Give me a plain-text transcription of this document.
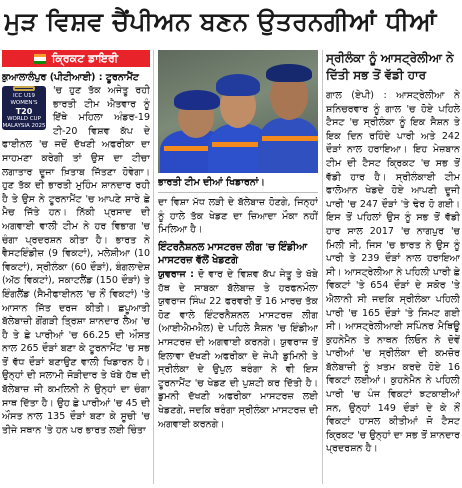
ਮੁੜ ਵਿਸ਼ਵ ਚੈਂਪੀਅਨ ਬਣਨ ਉਤਰਨਗੀਆਂ ਧੀਆਂ
ਕ੍ਰਿਕਟ ਡਾਇਰੀ
ਕੁਆਲਾਲੰਪੁਰ (ਪੀਟੀਆਈ) : ਟੂਰਨਾਮੈਂਟ
ICC U19 WOMEN'S
T20
WORLD CUP
MALAYSIA 2025
'ਚ ਹੁਣ ਤੱਕ ਅਜੇਤੂ ਰਹੀ ਭਾਰਤੀ ਟੀਮ ਐਤਵਾਰ ਨੂੰ ਇੱਥੇ ਮਹਿਲਾ ਅੰਡਰ-19 ਟੀ-20 ਵਿਸ਼ਵ ਕੱਪ ਦੇ ਫਾਈਨਲ 'ਚ ਜਦੋਂ ਦੱਖਣੀ ਅਫਰੀਕਾ ਦਾ ਸਾਹਮਣਾ ਕਰੇਗੀ ਤਾਂ ਉਸ ਦਾ ਟੀਚਾ ਲਗਾਤਾਰ ਦੂਜਾ ਖ਼ਿਤਾਬ ਜਿੱਤਣਾ ਹੋਵੇਗਾ। ਹੁਣ ਤੱਕ ਦੀ ਭਾਰਤੀ ਮੁਹਿੰਮ ਸ਼ਾਨਦਾਰ ਰਹੀ ਹੈ ਤੇ ਉਸ ਨੇ ਟੂਰਨਾਮੈਂਟ 'ਚ ਆਪਣੇ ਸਾਰੇ ਛੇ ਮੈਚ ਜਿੱਤੇ ਹਨ। ਨਿੱਕੀ ਪ੍ਰਸਾਦ ਦੀ ਅਗਵਾਈ ਵਾਲੀ ਟੀਮ ਨੇ ਹਰ ਵਿਭਾਗ 'ਚ ਚੰਗਾ ਪ੍ਰਦਰਸ਼ਨ ਕੀਤਾ ਹੈ। ਭਾਰਤ ਨੇ ਵੈਸਟਇੰਡੀਜ਼ (9 ਵਿਕਟਾਂ), ਮਲੇਸ਼ੀਆ (10 ਵਿਕਟਾਂ), ਸ੍ਰੀਲੰਕਾ (60 ਦੌੜਾਂ), ਬੰਗਲਾਦੇਸ਼ (ਅੱਠ ਵਿਕਟਾਂ), ਸਕਾਟਲੈਂਡ (150 ਦੌੜਾਂ) ਤੇ ਇੰਗਲੈਂਡ (ਸੈਮੀਫਾਈਨਲ 'ਚ ਨੌਂ ਵਿਕਟਾਂ) 'ਤੇ ਆਸਾਨ ਜਿੱਤ ਦਰਜ ਕੀਤੀ। ਛਪੂਆਤੀ ਬੱਲੇਬਾਜ਼ੀ ਗੋਂਗੜੀ ਤ੍ਰਿਸ਼ਾ ਸ਼ਾਨਦਾਰ ਲੈਅ 'ਚ ਹੈ ਤੇ ਛੇ ਪਾਰੀਆਂ 'ਚ 66.25 ਦੀ ਔਸਤ ਨਾਲ 265 ਦੌੜਾਂ ਬਣਾ ਕੇ ਟੂਰਨਾਮੈਂਟ 'ਚ ਸਭ ਤੋਂ ਵੱਧ ਦੌੜਾਂ ਬਣਾਉਣ ਵਾਲੀ ਖਿਡਾਰਨ ਹੈ। ਉਨ੍ਹਾਂ ਦੀ ਸਲਾਮੀ ਜੋੜੀਦਾਰ ਤੇ ਖੱਬੇ ਹੱਥ ਦੀ ਬੱਲੇਬਾਜ਼ ਜੀ ਕਮਲਿਨੀ ਨੇ ਉਨ੍ਹਾਂ ਦਾ ਚੰਗਾ ਸਾਥ ਦਿੱਤਾ ਹੈ। ਉਹ ਛੇ ਪਾਰੀਆਂ 'ਚ 45 ਦੀ ਔਸਤ ਨਾਲ 135 ਦੌੜਾਂ ਬਣਾ ਕੇ ਸੂਚੀ 'ਚ ਤੀਜੇ ਸਥਾਨ 'ਤੇ ਹਨ ਪਰ ਭਾਰਤ ਲਈ ਚਿੰਤਾ
ਭਾਰਤੀ ਟੀਮ ਦੀਆਂ ਖਿਡਾਰਨਾਂ।
ਦਾ ਵਿਸ਼ਾ ਮੱਧ ਲੜੀ ਦੇ ਬੱਲੇਬਾਜ਼ ਹੋਣਗੇ, ਜਿਨ੍ਹਾਂ ਨੂੰ ਹਾਲੇ ਤੱਕ ਖੇਡਣ ਦਾ ਜ਼ਿਆਦਾ ਮੌਕਾ ਨਹੀਂ ਮਿਲਿਆ ਹੈ।
ਇੰਟਰਨੈਸ਼ਨਲ ਮਾਸਟਰਜ਼ ਲੀਗ 'ਚ ਇੰਡੀਆ ਮਾਸਟਰਜ਼ ਵੱਲੋਂ ਖੇਡਣਗੇ
ਯੁਵਰਾਜ : ਦੋ ਵਾਰ ਦੇ ਵਿਸ਼ਵ ਕੱਪ ਜੇਤੂ ਤੇ ਖੱਬੇ ਹੱਥ ਦੇ ਸਾਬਕਾ ਬੱਲੇਬਾਜ਼ ਤੇ ਹਰਫਨਮੌਲਾ ਯੁਵਰਾਜ ਸਿੰਘ 22 ਫਰਵਰੀ ਤੋਂ 16 ਮਾਰਚ ਤੱਕ ਹੋਣ ਵਾਲੇ ਇੰਟਰਨੈਸ਼ਨਲ ਮਾਸਟਰਜ਼ ਲੀਗ (ਆਈਐਮਐਲ) ਦੇ ਪਹਿਲੇ ਸੈਸ਼ਨ 'ਚ ਇੰਡੀਆ ਮਾਸਟਰਜ਼ ਦੀ ਅਗਵਾਈ ਕਰਨਗੇ। ਯੁਵਰਾਜ ਤੋਂ ਇਲਾਵਾ ਦੱਖਣੀ ਅਫਰੀਕਾ ਦੇ ਜੇਪੀ ਡੁਮਿਨੀ ਤੇ ਸ੍ਰੀਲੰਕਾ ਦੇ ਉਪੁਲ ਥਰੰਗਾ ਨੇ ਵੀ ਇਸ ਟੂਰਨਾਮੈਂਟ 'ਚ ਖੇਡਣ ਦੀ ਪੁਸ਼ਟੀ ਕਰ ਦਿੱਤੀ ਹੈ। ਡੁਮਨੀ ਦੱਖਣੀ ਅਫਰੀਕਾ ਮਾਸਟਰਜ਼ ਲਈ ਖੇਡਣਗੇ, ਜਦਕਿ ਥਰੰਗਾ ਸ੍ਰੀਲੰਕਾ ਮਾਸਟਰਜ਼ ਦੀ ਅਗਵਾਈ ਕਰਨਗੇ।
ਸ੍ਰੀਲੰਕਾ ਨੂੰ ਆਸਟ੍ਰੇਲੀਆ ਨੇ ਦਿੱਤੀ ਸਭ ਤੋਂ ਵੱਡੀ ਹਾਰ
ਗਾਲ (ਏਪੀ) : ਆਸਟ੍ਰੇਲੀਆ ਨੇ ਸ਼ਨਿਚਰਵਾਰ ਨੂੰ ਗਾਲ 'ਚ ਹੋਏ ਪਹਿਲੇ ਟੈਸਟ 'ਚ ਸ੍ਰੀਲੰਕਾ ਨੂੰ ਇਕ ਸੈਸ਼ਨ ਤੇ ਇਕ ਦਿਨ ਰਹਿੰਦੇ ਪਾਰੀ ਅਤੇ 242 ਦੌੜਾਂ ਨਾਲ ਹਰਾਇਆ। ਇਹ ਮੇਜ਼ਬਾਨ ਟੀਮ ਦੀ ਟੈਸਟ ਕ੍ਰਿਕਟ 'ਚ ਸਭ ਤੋਂ ਵੱਡੀ ਹਾਰ ਹੈ। ਸ੍ਰੀਲੰਕਾਈ ਟੀਮ ਫਾਲੋਆਨ ਖੇਡਦੇ ਹੋਏ ਆਪਣੀ ਦੂਜੀ ਪਾਰੀ 'ਚ 247 ਦੌੜਾਂ 'ਤੇ ਢੇਰ ਹੋ ਗਈ। ਇਸ ਤੋਂ ਪਹਿਲਾਂ ਉਸ ਨੂੰ ਸਭ ਤੋਂ ਵੱਡੀ ਹਾਰ ਸਾਲ 2017 'ਚ ਨਾਗਪੁਰ 'ਚ ਮਿਲੀ ਸੀ, ਜਿਸ 'ਚ ਭਾਰਤ ਨੇ ਉਸ ਨੂੰ ਪਾਰੀ ਤੇ 239 ਦੌੜਾਂ ਨਾਲ ਹਰਾਇਆ ਸੀ। ਆਸਟ੍ਰੇਲੀਆ ਨੇ ਪਹਿਲੀ ਪਾਰੀ ਛੇ ਵਿਕਟਾਂ 'ਤੇ 654 ਦੌੜਾਂ ਦੇ ਸਕੋਰ 'ਤੇ ਐਲਾਨੀ ਸੀ ਜਦਕਿ ਸ੍ਰੀਲੰਕਾ ਪਹਿਲੀ ਪਾਰੀ 'ਚ 165 ਦੌੜਾਂ 'ਤੇ ਸਿਮਟ ਗਈ ਸੀ। ਆਸਟ੍ਰੇਲੀਆਈ ਸਪਿੰਨਰ ਮੈਥਿਊ ਕੁਹਨੇਮੈਨ ਤੇ ਨਾਥਨ ਲਿਓਨ ਨੇ ਦੋਵੇਂ ਪਾਰੀਆਂ 'ਚ ਸ੍ਰੀਲੰਕਾ ਦੀ ਕਮਜ਼ੋਰ ਬੱਲੇਬਾਜ਼ੀ ਨੂੰ ਖ਼ਤਮ ਕਰਦੇ ਹੋਏ 16 ਵਿਕਟਾਂ ਲਈਆਂ। ਕੁਹਨੇਮੈਨ ਨੇ ਪਹਿਲੀ ਪਾਰੀ 'ਚ ਪੰਜ ਵਿਕਟਾਂ ਝਟਕਾਈਆਂ ਸਨ, ਉਨ੍ਹਾਂ 149 ਦੌੜਾਂ ਦੇ ਕੇ ਨੌਂ ਵਿਕਟਾਂ ਹਾਸਲ ਕੀਤੀਆਂ ਜੋ ਟੈਸਟ ਕ੍ਰਿਕਟ 'ਚ ਉਨ੍ਹਾਂ ਦਾ ਸਭ ਤੋਂ ਸ਼ਾਨਦਾਰ ਪ੍ਰਦਰਸ਼ਨ ਹੈ।
